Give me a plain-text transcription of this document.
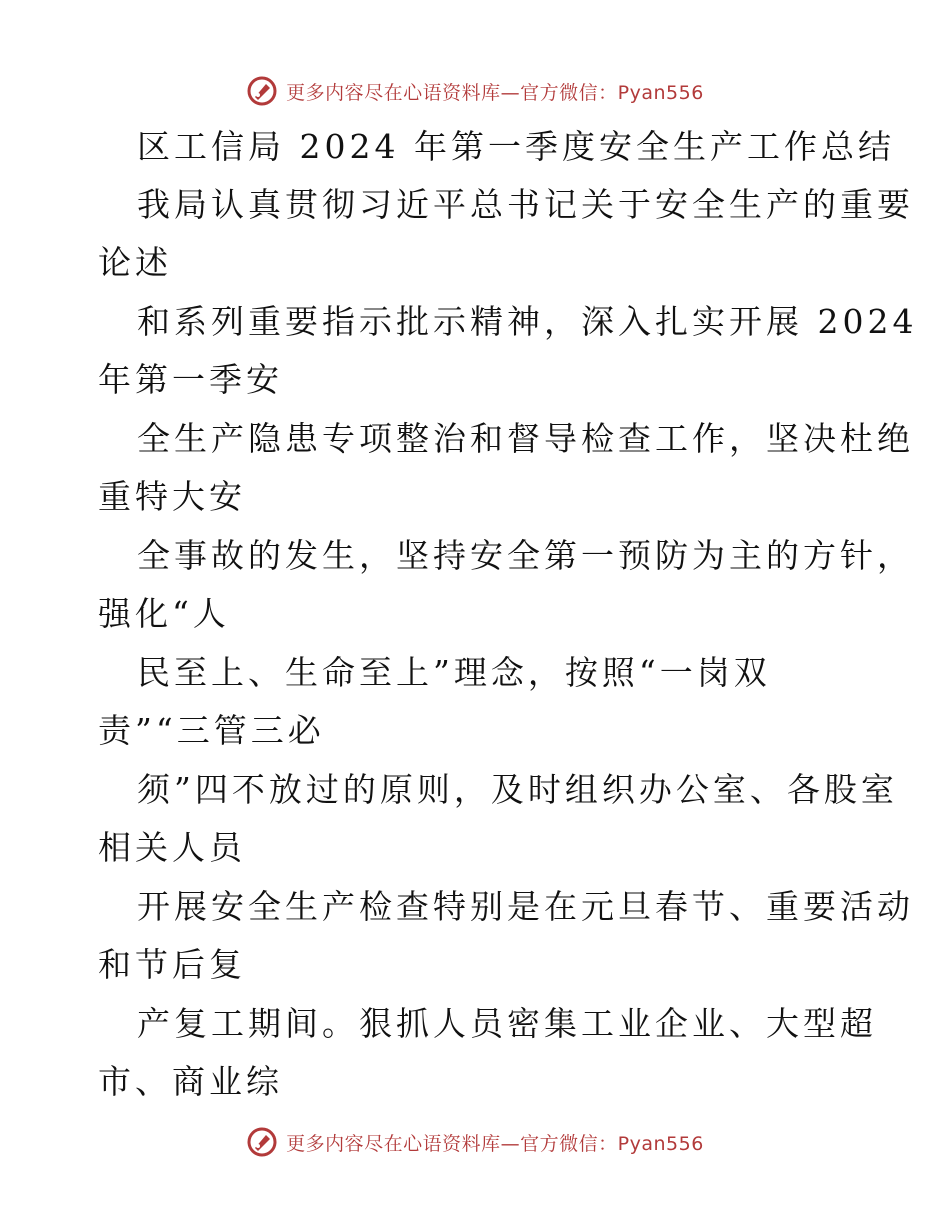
更多内容尽在心语资料库—官方微信：Pyan556
区工信局 2024 年第一季度安全生产工作总结
我局认真贯彻习近平总书记关于安全生产的重要
论述
和系列重要指示批示精神，深入扎实开展 2024
年第一季安
全生产隐患专项整治和督导检查工作，坚决杜绝
重特大安
全事故的发生，坚持安全第一预防为主的方针，
强化“人
民至上、生命至上”理念，按照“一岗双
责”“三管三必
须”四不放过的原则，及时组织办公室、各股室
相关人员
开展安全生产检查特别是在元旦春节、重要活动
和节后复
产复工期间。狠抓人员密集工业企业、大型超
市、商业综
更多内容尽在心语资料库—官方微信：Pyan556
